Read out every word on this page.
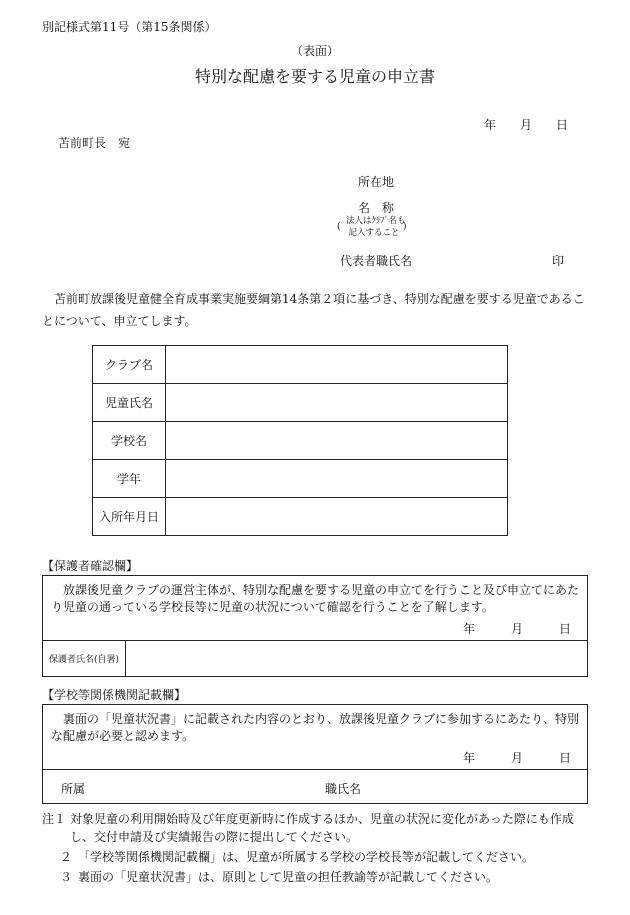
別記様式第11号（第15条関係）
（表面）
特別な配慮を要する児童の申立書
年 月 日
苫前町長　宛
所在地
名　称
(
法人はｸﾗﾌﾞ名も
記入すること
)
代表者職氏名	印
苫前町放課後児童健全育成事業実施要綱第14条第２項に基づき、特別な配慮を要する児童であることについて、申立てします。
クラブ名	
児童氏名	
学校名	
学年	
入所年月日	
【保護者確認欄】
放課後児童クラブの運営主体が、特別な配慮を要する児童の申立てを行うこと及び申立てにあたり児童の通っている学校長等に児童の状況について確認を行うことを了解します。
年	月	日
保護者氏名(自署)
【学校等関係機関記載欄】
裏面の「児童状況書」に記載された内容のとおり、放課後児童クラブに参加するにあたり、特別な配慮が必要と認めます。
年	月	日
所属	職氏名
注１ 対象児童の利用開始時及び年度更新時に作成するほか、児童の状況に変化があった際にも作成し、交付申請及び実績報告の際に提出してください。
２ 「学校等関係機関記載欄」は、児童が所属する学校の学校長等が記載してください。
３ 裏面の「児童状況書」は、原則として児童の担任教諭等が記載してください。
